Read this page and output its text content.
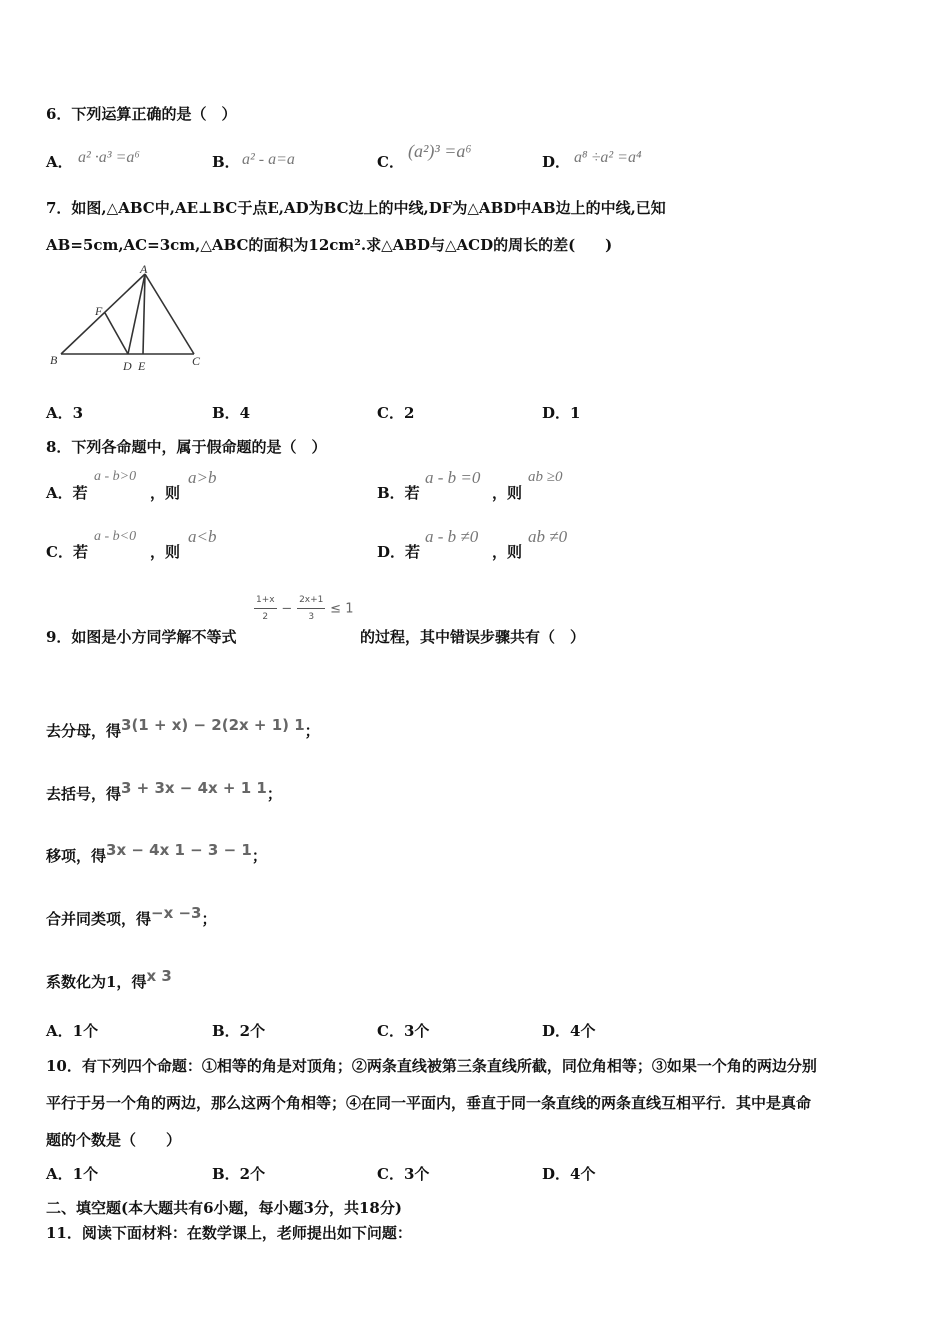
6．下列运算正确的是（　）
A． a² ·a³ =a⁶	B． a² - a=a	C．
(a²)³ =a⁶
D． a⁸ ÷a² =a⁴
7．如图,△ABC中,AE⊥BC于点E,AD为BC边上的中线,DF为△ABD中AB边上的中线,已知
AB=5cm,AC=3cm,△ABC的面积为12cm².求△ABD与△ACD的周长的差(　　)
A
F
B	D E	C
A．3	B．4	C．2	D．1
8．下列各命题中，属于假命题的是（　）
A．若
a - b>0
，则
a>b
B．若
a - b =0
，则
ab ≥0
C．若
a - b<0
，则
a<b
D．若
a - b ≠0
，则
ab ≠0
$\frac{1+x}{2} - \frac{2x+1}{3} \le 1$
9．如图是小方同学解不等式	的过程，其中错误步骤共有（　）
去分母，得3(1 + x) − 2(2x + 1) 1；
去括号，得3 + 3x − 4x + 1 1；
移项，得3x − 4x 1 − 3 − 1；
合并同类项，得−x −3；
系数化为1，得x 3
A．1个	B．2个	C．3个	D．4个
10．有下列四个命题：①相等的角是对顶角；②两条直线被第三条直线所截，同位角相等；③如果一个角的两边分别
平行于另一个角的两边，那么这两个角相等；④在同一平面内，垂直于同一条直线的两条直线互相平行．其中是真命
题的个数是（　　）
A．1个	B．2个	C．3个	D．4个
二、填空题(本大题共有6小题，每小题3分，共18分)
11．阅读下面材料：在数学课上，老师提出如下问题：
